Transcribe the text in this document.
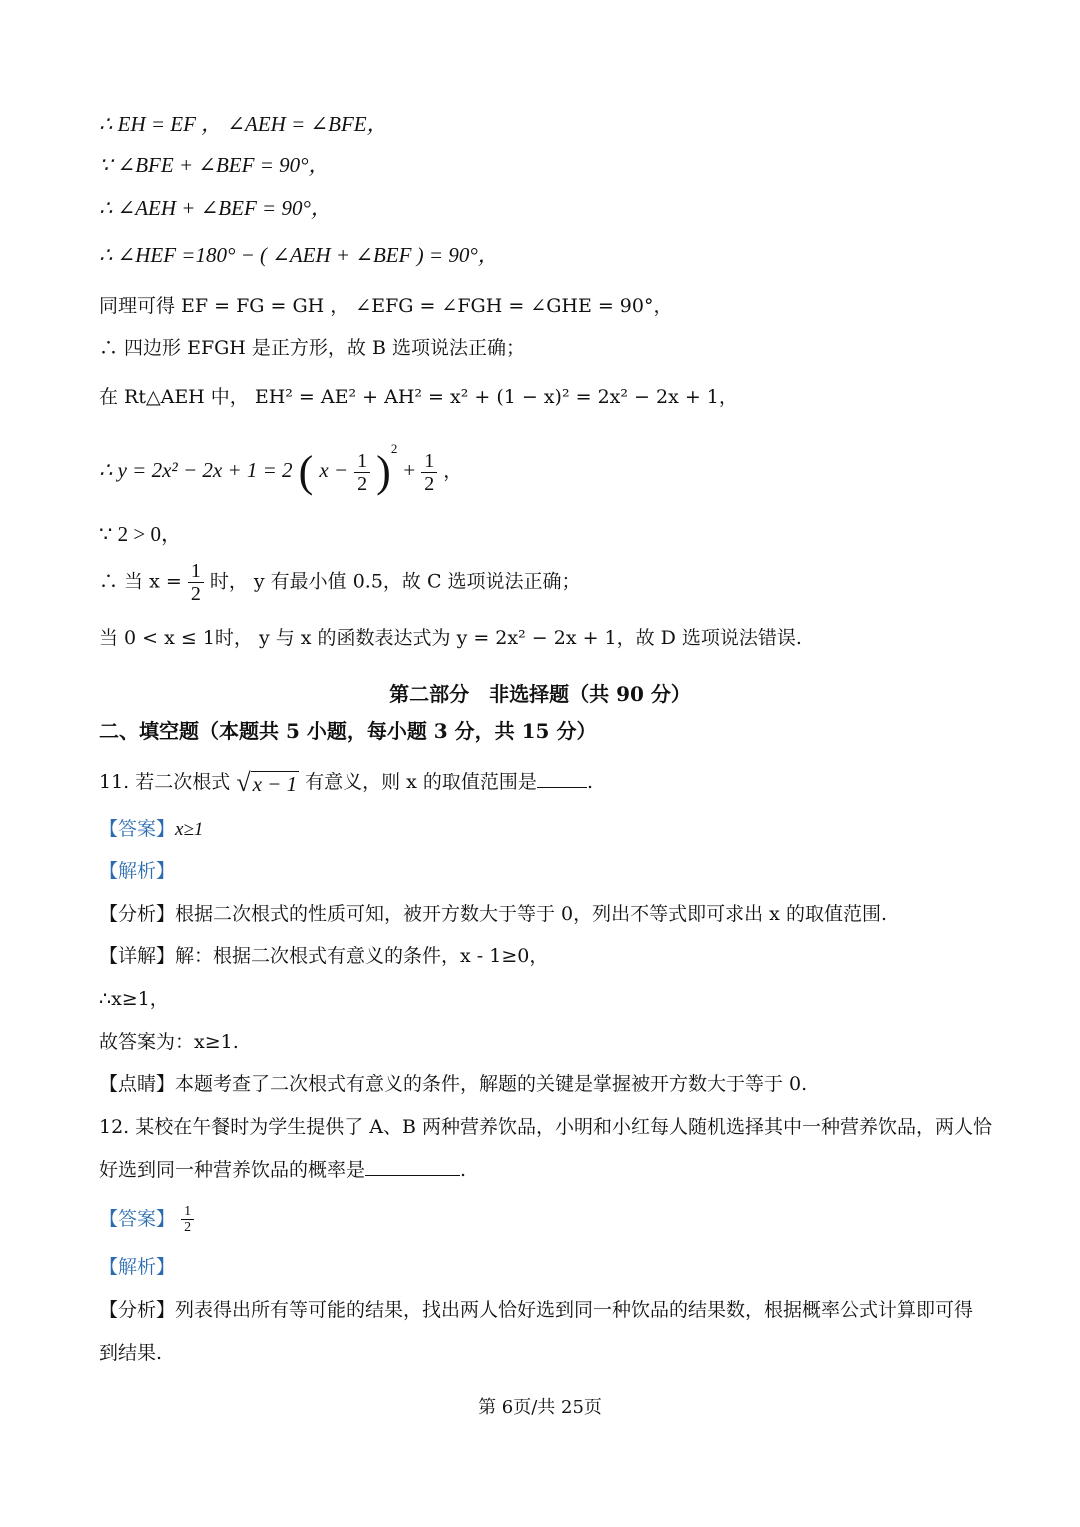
∴ EH = EF ， ∠AEH = ∠BFE，
∵ ∠BFE + ∠BEF = 90°，
∴ ∠AEH + ∠BEF = 90°，
∴ ∠HEF =180° − ( ∠AEH + ∠BEF ) = 90°，
同理可得 EF = FG = GH ， ∠EFG = ∠FGH = ∠GHE = 90°，
∴ 四边形 EFGH 是正方形，故 B 选项说法正确；
在 Rt△AEH 中， EH² = AE² + AH² = x² + (1 − x)² = 2x² − 2x + 1，
∴ y = 2x² − 2x + 1 = 2 ( $x - \frac{1}{2} )^2 + \frac{1}{2}$ ，
∵ 2 > 0，
∴ 当 $x = \frac{1}{2}$ 时， y 有最小值 0.5，故 C 选项说法正确；
当 0 < x ≤ 1时， y 与 x 的函数表达式为 y = 2x² − 2x + 1，故 D 选项说法错误.
第二部分　非选择题（共 90 分）
二、填空题（本题共 5 小题，每小题 3 分，共 15 分）
11. 若二次根式 √x − 1 有意义，则 x 的取值范围是	.
【答案】x≥1
【解析】
【分析】根据二次根式的性质可知，被开方数大于等于 0，列出不等式即可求出 x 的取值范围.
【详解】解：根据二次根式有意义的条件，x - 1≥0，
∴x≥1，
故答案为：x≥1.
【点睛】本题考查了二次根式有意义的条件，解题的关键是掌握被开方数大于等于 0.
12. 某校在午餐时为学生提供了 A、B 两种营养饮品，小明和小红每人随机选择其中一种营养饮品，两人恰
好选到同一种营养饮品的概率是	.
【答案】 $\frac{1}{2}$
【解析】
【分析】列表得出所有等可能的结果，找出两人恰好选到同一种饮品的结果数，根据概率公式计算即可得
到结果.
第 6页/共 25页
